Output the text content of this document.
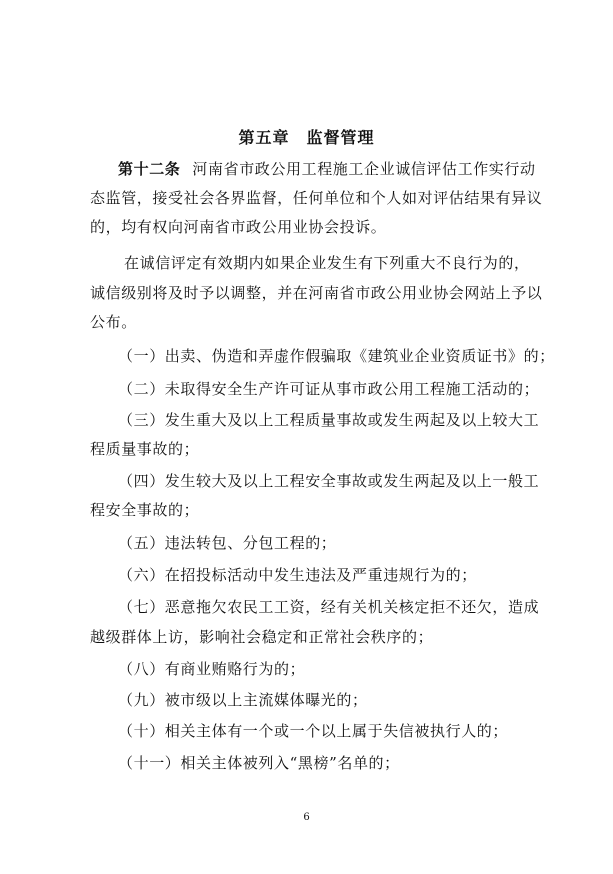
第五章　监督管理
第十二条 河南省市政公用工程施工企业诚信评估工作实行动
态监管，接受社会各界监督，任何单位和个人如对评估结果有异议
的，均有权向河南省市政公用业协会投诉。
在诚信评定有效期内如果企业发生有下列重大不良行为的，
诚信级别将及时予以调整，并在河南省市政公用业协会网站上予以
公布。
（一）出卖、伪造和弄虚作假骗取《建筑业企业资质证书》的；
（二）未取得安全生产许可证从事市政公用工程施工活动的；
（三）发生重大及以上工程质量事故或发生两起及以上较大工
程质量事故的；
（四）发生较大及以上工程安全事故或发生两起及以上一般工
程安全事故的；
（五）违法转包、分包工程的；
（六）在招投标活动中发生违法及严重违规行为的；
（七）恶意拖欠农民工工资，经有关机关核定拒不还欠，造成
越级群体上访，影响社会稳定和正常社会秩序的；
（八）有商业贿赂行为的；
（九）被市级以上主流媒体曝光的；
（十）相关主体有一个或一个以上属于失信被执行人的；
（十一）相关主体被列入“黑榜”名单的；
6
